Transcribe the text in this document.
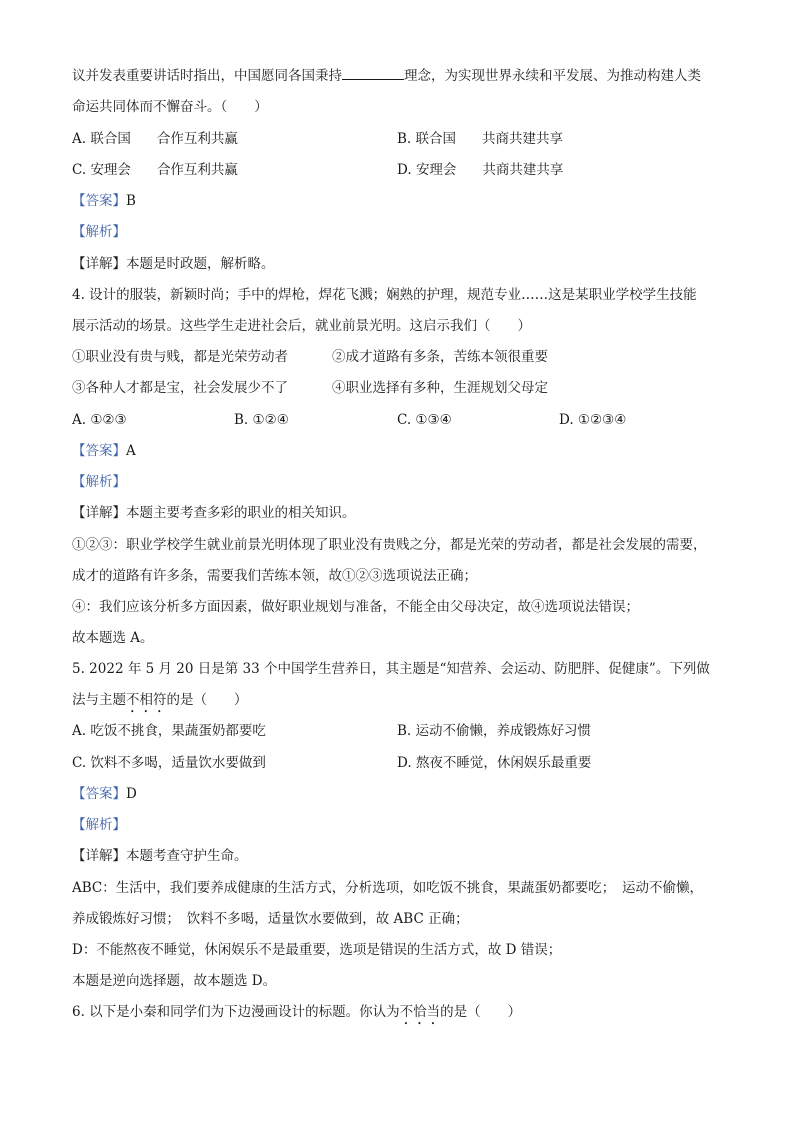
议并发表重要讲话时指出，中国愿同各国秉持	理念，为实现世界永续和平发展、为推动构建人类
命运共同体而不懈奋斗。（　　）
A. 联合国 合作互利共赢	B. 联合国 共商共建共享
C. 安理会 合作互利共赢	D. 安理会 共商共建共享
【答案】B
【解析】
【详解】本题是时政题，解析略。
4. 设计的服装，新颖时尚；手中的焊枪，焊花飞溅；娴熟的护理，规范专业……这是某职业学校学生技能
展示活动的场景。这些学生走进社会后，就业前景光明。这启示我们（　　）
①职业没有贵与贱，都是光荣劳动者	②成才道路有多条，苦练本领很重要
③各种人才都是宝，社会发展少不了	④职业选择有多种，生涯规划父母定
A. ①②③	B. ①②④	C. ①③④	D. ①②③④
【答案】A
【解析】
【详解】本题主要考查多彩的职业的相关知识。
①②③：职业学校学生就业前景光明体现了职业没有贵贱之分，都是光荣的劳动者，都是社会发展的需要，
成才的道路有许多条，需要我们苦练本领，故①②③选项说法正确；
④：我们应该分析多方面因素，做好职业规划与准备，不能全由父母决定，故④选项说法错误；
故本题选 A。
5. 2022 年 5 月 20 日是第 33 个中国学生营养日，其主题是“知营养、会运动、防肥胖、促健康”。下列做
法与主题不相符的是（　　）
A. 吃饭不挑食，果蔬蛋奶都要吃	B. 运动不偷懒，养成锻炼好习惯
C. 饮料不多喝，适量饮水要做到	D. 熬夜不睡觉，休闲娱乐最重要
【答案】D
【解析】
【详解】本题考查守护生命。
ABC：生活中，我们要养成健康的生活方式，分析选项，如吃饭不挑食，果蔬蛋奶都要吃；　运动不偷懒，
养成锻炼好习惯；　饮料不多喝，适量饮水要做到，故 ABC 正确；
D：不能熬夜不睡觉，休闲娱乐不是最重要，选项是错误的生活方式，故 D 错误；
本题是逆向选择题，故本题选 D。
6. 以下是小秦和同学们为下边漫画设计的标题。你认为不恰当的是（　　）
